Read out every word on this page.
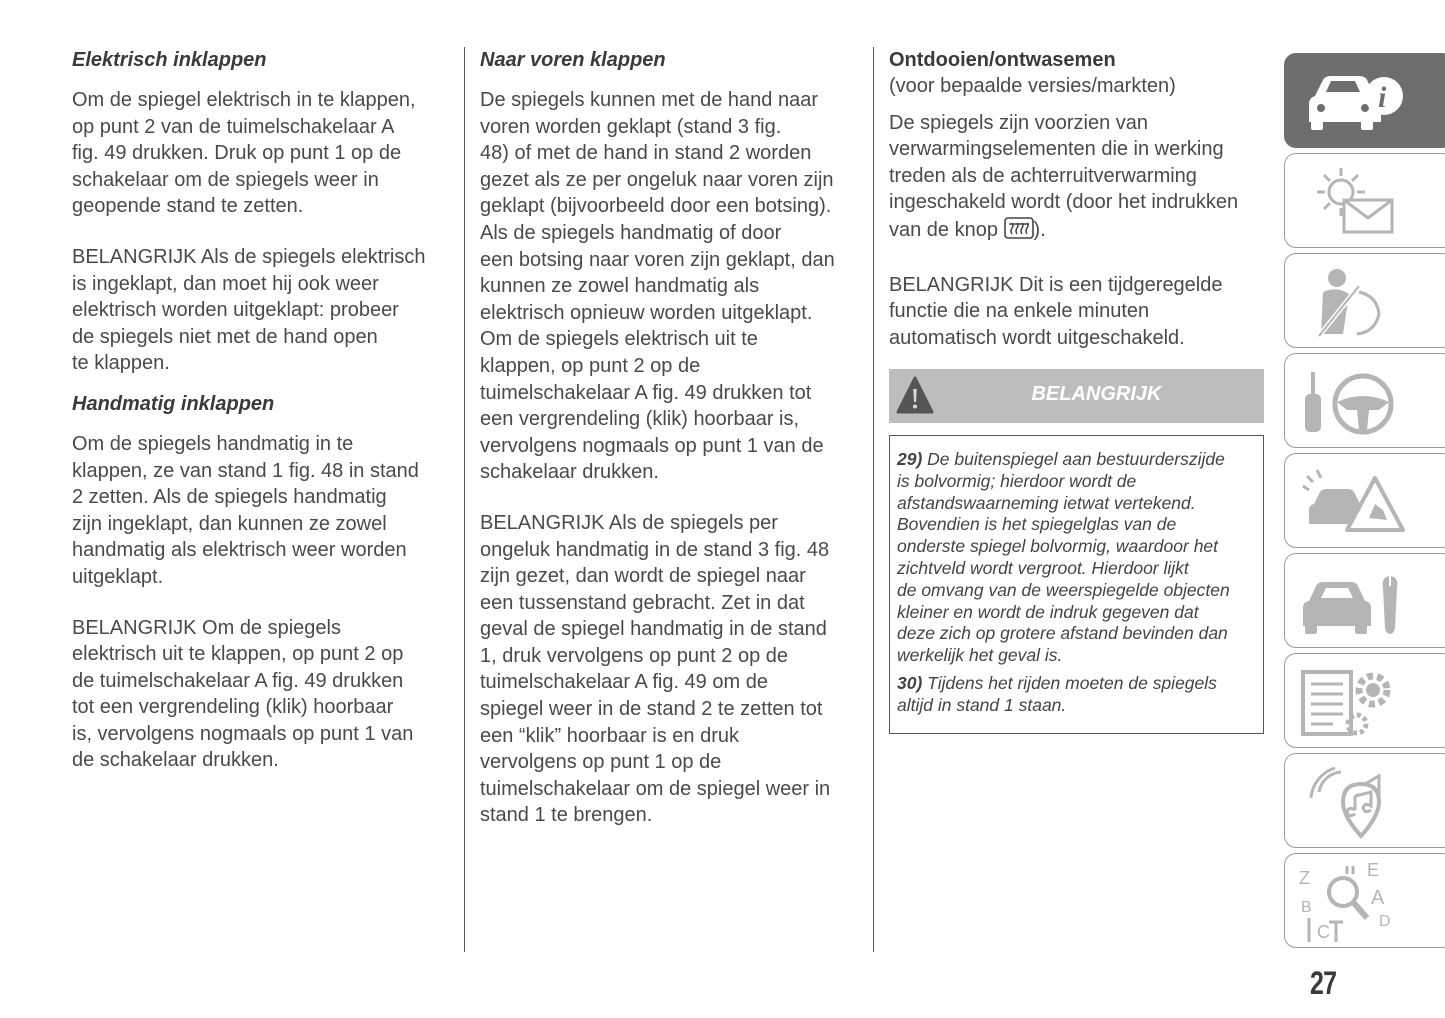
Elektrisch inklappen

Om de spiegel elektrisch in te klappen,
op punt 2 van de tuimelschakelaar A
fig. 49 drukken. Druk op punt 1 op de
schakelaar om de spiegels weer in
geopende stand te zetten.

BELANGRIJK Als de spiegels elektrisch
is ingeklapt, dan moet hij ook weer
elektrisch worden uitgeklapt: probeer
de spiegels niet met de hand open
te klappen.

Handmatig inklappen

Om de spiegels handmatig in te
klappen, ze van stand 1 fig. 48 in stand
2 zetten. Als de spiegels handmatig
zijn ingeklapt, dan kunnen ze zowel
handmatig als elektrisch weer worden
uitgeklapt.

BELANGRIJK Om de spiegels
elektrisch uit te klappen, op punt 2 op
de tuimelschakelaar A fig. 49 drukken
tot een vergrendeling (klik) hoorbaar
is, vervolgens nogmaals op punt 1 van
de schakelaar drukken.

Naar voren klappen

De spiegels kunnen met de hand naar
voren worden geklapt (stand 3 fig.
48) of met de hand in stand 2 worden
gezet als ze per ongeluk naar voren zijn
geklapt (bijvoorbeeld door een botsing).
Als de spiegels handmatig of door
een botsing naar voren zijn geklapt, dan
kunnen ze zowel handmatig als
elektrisch opnieuw worden uitgeklapt.
Om de spiegels elektrisch uit te
klappen, op punt 2 op de
tuimelschakelaar A fig. 49 drukken tot
een vergrendeling (klik) hoorbaar is,
vervolgens nogmaals op punt 1 van de
schakelaar drukken.

BELANGRIJK Als de spiegels per
ongeluk handmatig in de stand 3 fig. 48
zijn gezet, dan wordt de spiegel naar
een tussenstand gebracht. Zet in dat
geval de spiegel handmatig in de stand
1, druk vervolgens op punt 2 op de
tuimelschakelaar A fig. 49 om de
spiegel weer in de stand 2 te zetten tot
een “klik” hoorbaar is en druk
vervolgens op punt 1 op de
tuimelschakelaar om de spiegel weer in
stand 1 te brengen.

Ontdooien/ontwasemen

(voor bepaalde versies/markten)

De spiegels zijn voorzien van
verwarmingselementen die in werking
treden als de achterruitverwarming
ingeschakeld wordt (door het indrukken
van de knop ).

BELANGRIJK Dit is een tijdgeregelde
functie die na enkele minuten
automatisch wordt uitgeschakeld.

BELANGRIJK

29) De buitenspiegel aan bestuurderszijde
is bolvormig; hierdoor wordt de
afstandswaarneming ietwat vertekend.
Bovendien is het spiegelglas van de
onderste spiegel bolvormig, waardoor het
zichtveld wordt vergroot. Hierdoor lijkt
de omvang van de weerspiegelde objecten
kleiner en wordt de indruk gegeven dat
deze zich op grotere afstand bevinden dan
werkelijk het geval is.

30) Tijdens het rijden moeten de spiegels
altijd in stand 1 staan.

i
Z	E
A
B
D
C
27
